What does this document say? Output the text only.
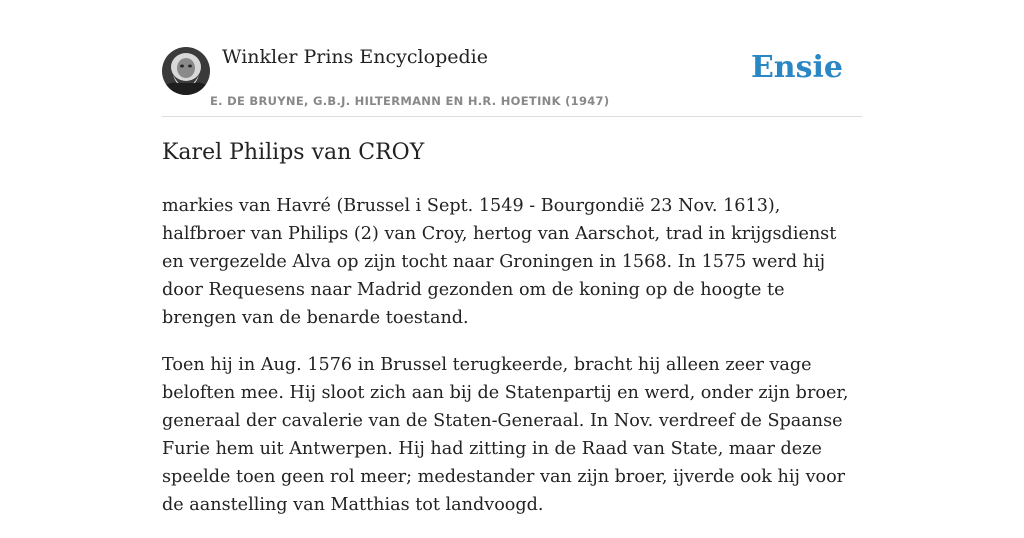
Winkler Prins Encyclopedie
E. DE BRUYNE, G.B.J. HILTERMANN EN H.R. HOETINK (1947)
Ensie
Karel Philips van CROY

markies van Havré (Brussel i Sept. 1549 - Bourgondië 23 Nov. 1613), halfbroer van Philips (2) van Croy, hertog van Aarschot, trad in krijgsdienst en vergezelde Alva op zijn tocht naar Groningen in 1568. In 1575 werd hij door Requesens naar Madrid gezonden om de koning op de hoogte te brengen van de benarde toestand.

Toen hij in Aug. 1576 in Brussel terugkeerde, bracht hij alleen zeer vage beloften mee. Hij sloot zich aan bij de Statenpartij en werd, onder zijn broer, generaal der cavalerie van de Staten-Generaal. In Nov. verdreef de Spaanse Furie hem uit Antwerpen. Hij had zitting in de Raad van State, maar deze speelde toen geen rol meer; medestander van zijn broer, ijverde ook hij voor de aanstelling van Matthias tot landvoogd.
